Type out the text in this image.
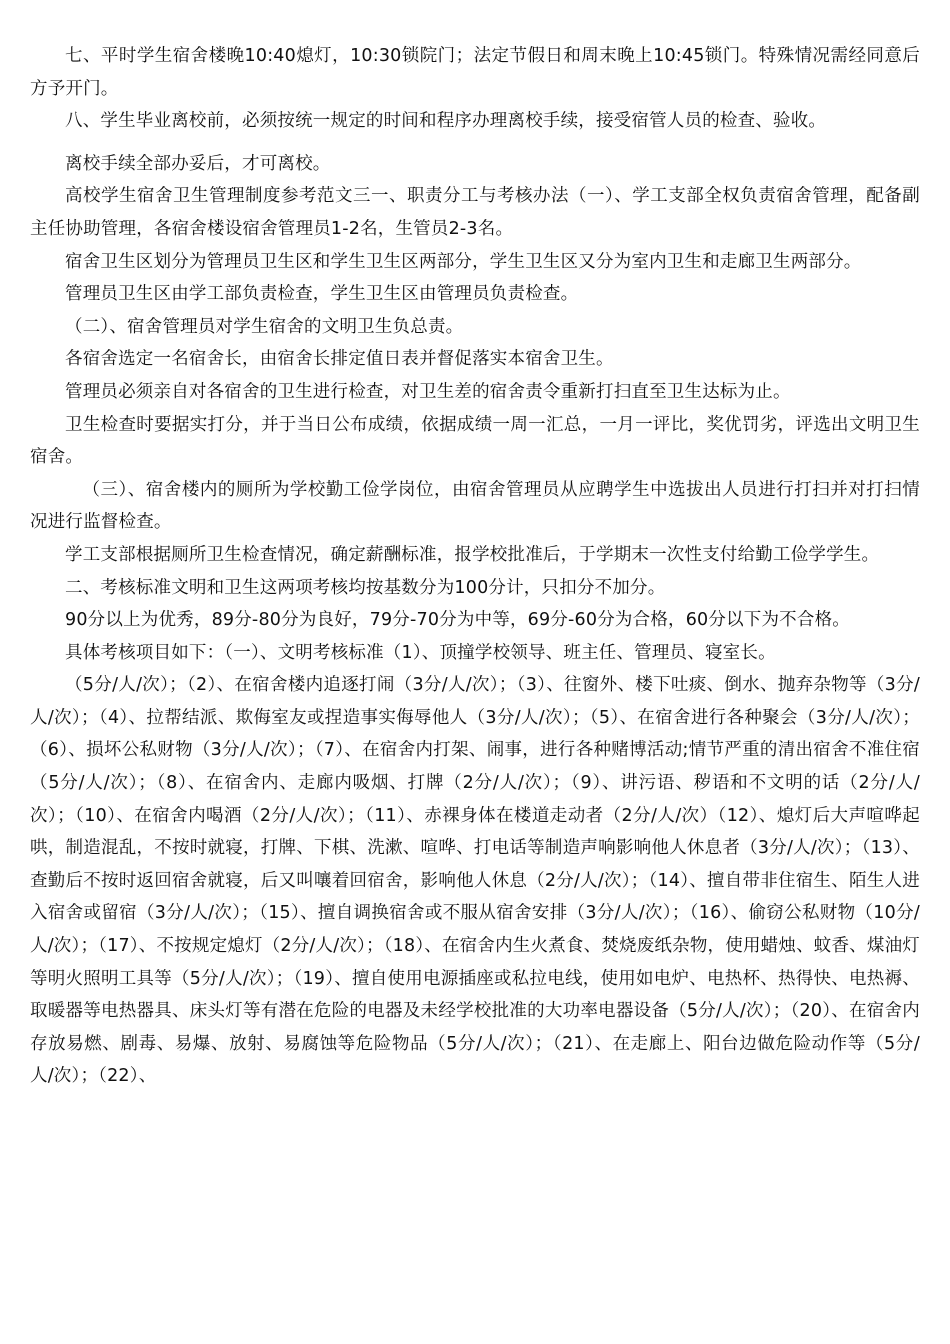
七、平时学生宿舍楼晚10:40熄灯，10:30锁院门；法定节假日和周末晚上10:45锁门。特殊情况需经同意后方予开门。

八、学生毕业离校前，必须按统一规定的时间和程序办理离校手续，接受宿管人员的检查、验收。

离校手续全部办妥后，才可离校。

高校学生宿舍卫生管理制度参考范文三一、职责分工与考核办法（一）、学工支部全权负责宿舍管理，配备副主任协助管理，各宿舍楼设宿舍管理员1-2名，生管员2-3名。

宿舍卫生区划分为管理员卫生区和学生卫生区两部分，学生卫生区又分为室内卫生和走廊卫生两部分。

管理员卫生区由学工部负责检查，学生卫生区由管理员负责检查。

（二）、宿舍管理员对学生宿舍的文明卫生负总责。

各宿舍选定一名宿舍长，由宿舍长排定值日表并督促落实本宿舍卫生。

管理员必须亲自对各宿舍的卫生进行检查，对卫生差的宿舍责令重新打扫直至卫生达标为止。

卫生检查时要据实打分，并于当日公布成绩，依据成绩一周一汇总，一月一评比，奖优罚劣，评选出文明卫生宿舍。

（三）、宿舍楼内的厕所为学校勤工俭学岗位，由宿舍管理员从应聘学生中选拔出人员进行打扫并对打扫情况进行监督检查。

学工支部根据厕所卫生检查情况，确定薪酬标准，报学校批准后，于学期末一次性支付给勤工俭学学生。

二、考核标准文明和卫生这两项考核均按基数分为100分计，只扣分不加分。

90分以上为优秀，89分-80分为良好，79分-70分为中等，69分-60分为合格，60分以下为不合格。

具体考核项目如下：（一）、文明考核标准（1）、顶撞学校领导、班主任、管理员、寝室长。

（5分/人/次）；（2）、在宿舍楼内追逐打闹（3分/人/次）；（3）、往窗外、楼下吐痰、倒水、抛弃杂物等（3分/人/次）；（4）、拉帮结派、欺侮室友或捏造事实侮辱他人（3分/人/次）；（5）、在宿舍进行各种聚会（3分/人/次）；（6）、损坏公私财物（3分/人/次）；（7）、在宿舍内打架、闹事，进行各种赌博活动;情节严重的清出宿舍不准住宿（5分/人/次）；（8）、在宿舍内、走廊内吸烟、打牌（2分/人/次）；（9）、讲污语、秽语和不文明的话（2分/人/次）；（10）、在宿舍内喝酒（2分/人/次）；（11）、赤裸身体在楼道走动者（2分/人/次）（12）、熄灯后大声喧哗起哄，制造混乱，不按时就寝，打牌、下棋、洗漱、喧哗、打电话等制造声响影响他人休息者（3分/人/次）；（13）、查勤后不按时返回宿舍就寝，后又叫嚷着回宿舍，影响他人休息（2分/人/次）；（14）、擅自带非住宿生、陌生人进入宿舍或留宿（3分/人/次）；（15）、擅自调换宿舍或不服从宿舍安排（3分/人/次）；（16）、偷窃公私财物（10分/人/次）；（17）、不按规定熄灯（2分/人/次）；（18）、在宿舍内生火煮食、焚烧废纸杂物，使用蜡烛、蚊香、煤油灯等明火照明工具等（5分/人/次）；（19）、擅自使用电源插座或私拉电线，使用如电炉、电热杯、热得快、电热褥、取暖器等电热器具、床头灯等有潜在危险的电器及未经学校批准的大功率电器设备（5分/人/次）；（20）、在宿舍内存放易燃、剧毒、易爆、放射、易腐蚀等危险物品（5分/人/次）；（21）、在走廊上、阳台边做危险动作等（5分/人/次）；（22）、
